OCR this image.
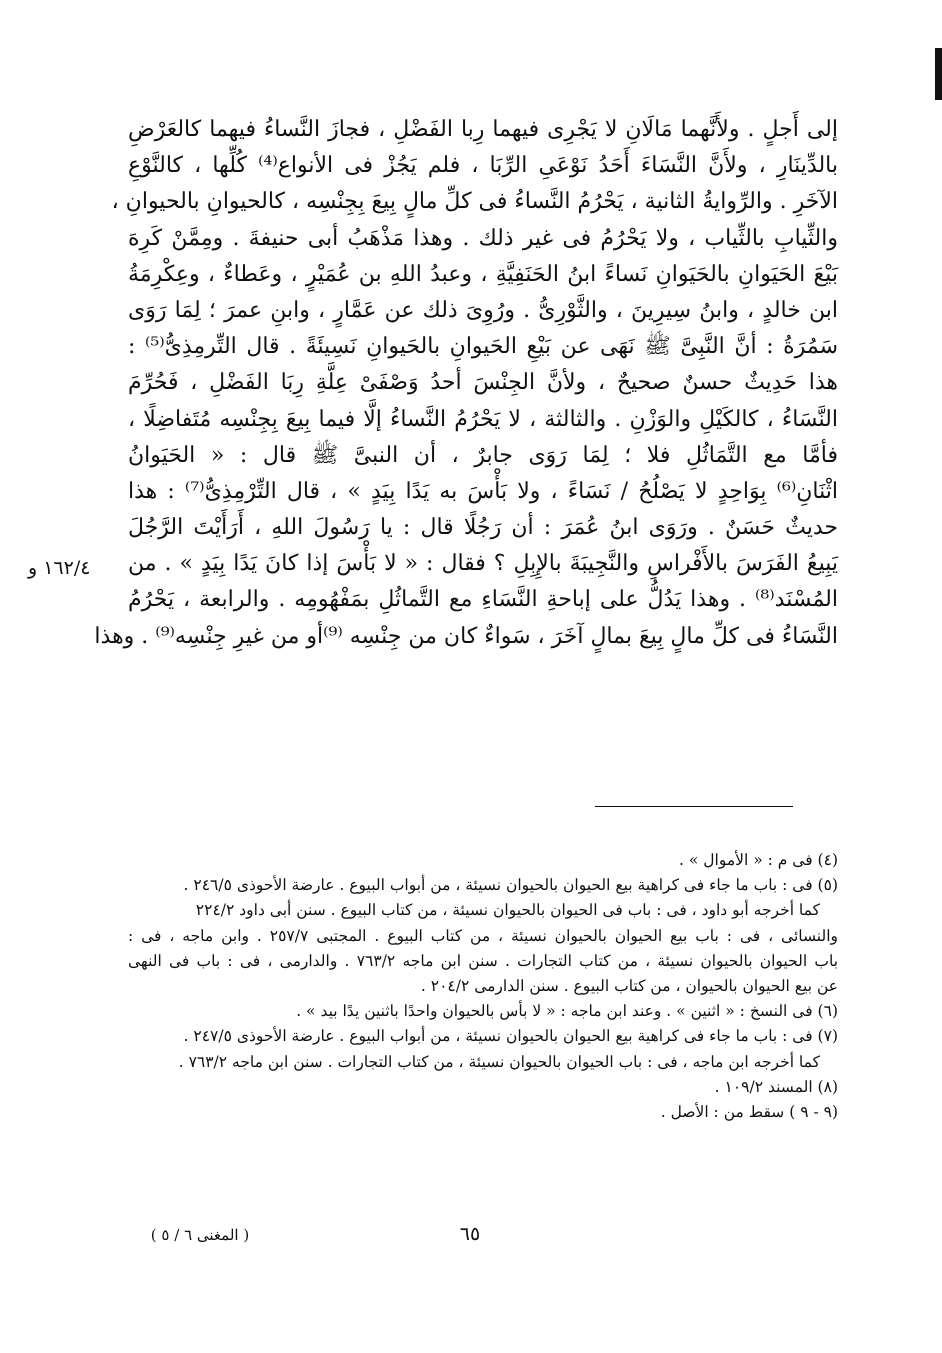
إلى أَجلٍ . ولأَنَّهما مَالَانِ لا يَجْرِى فيهما رِبا الفَضْلِ ، فجازَ النَّساءُ فيهما كالعَرْضِ
بالدِّينَارِ ، ولأَنَّ النَّسَاءَ أَحَدُ نَوْعَىِ الرِّبَا ، فلم يَجُزْ فى الأنواع⁽⁴⁾ كُلِّها ، كالنَّوْعِ
الآخَرِ . والرِّوايةُ الثانية ، يَحْرُمُ النَّساءُ فى كلِّ مالٍ بِيعَ بِجِنْسِه ، كالحيوانِ بالحيوانِ ،
والثِّيابِ بالثِّياب ، ولا يَحْرُمُ فى غير ذلك . وهذا مَذْهَبُ أبى حنيفةَ . ومِمَّنْ كَرِهَ
بَيْعَ الحَيَوانِ بالحَيَوانِ نَساءً ابنُ الحَنَفِيَّةِ ، وعبدُ اللهِ بن عُمَيْرٍ ، وعَطاءٌ ، وعِكْرِمَةُ
ابن خالدٍ ، وابنُ سِيرِينَ ، والثَّوْرِىُّ . ورُوِىَ ذلك عن عَمَّارٍ ، وابنِ عمرَ ؛ لِمَا رَوَى
سَمُرَةُ : أنَّ النَّبِىَّ ﷺ نَهَى عن بَيْعِ الحَيوانِ بالحَيوانِ نَسِيئَةً . قال التِّرمِذِىُّ⁽⁵⁾ :
هذا حَدِيثٌ حسنٌ صحيحٌ ، ولأنَّ الجِنْسَ أحدُ وَصْفَىْ عِلَّةِ رِبَا الفَضْلِ ، فَحُرِّمَ
النَّسَاءُ ، كالكَيْلِ والوَزْنِ . والثالثة ، لا يَحْرُمُ النَّساءُ إلَّا فيما بِيعَ بِجِنْسِه مُتَفاضِلًا ،
فأمَّا مع التَّمَاثُلِ فلا ؛ لِمَا رَوَى جابرٌ ، أن النبىَّ ﷺ قال : « الحَيَوانُ
اثْنَانِ⁽⁶⁾ بِوَاحِدٍ لا يَصْلُحُ / نَسَاءً ، ولا بَأْسَ به يَدًا بِيَدٍ » ، قال التِّرْمِذِىُّ⁽⁷⁾ : هذا
حديثٌ حَسَنٌ . ورَوَى ابنُ عُمَرَ : أن رَجُلًا قال : يا رَسُولَ اللهِ ، أَرَأَيْتَ الرَّجُلَ
يَبِيعُ الفَرَسَ بالأَفْراسِ والنَّجِيبَةَ بالإِبِلِ ؟ فقال : « لا بَأْسَ إذا كانَ يَدًا بِيَدٍ » . من
المُسْنَد⁽⁸⁾ . وهذا يَدُلُّ على إباحةِ النَّسَاءِ مع التَّماثُلِ بمَفْهُومِه . والرابعة ، يَحْرُمُ
النَّسَاءُ فى كلِّ مالٍ بِيعَ بمالٍ آخَرَ ، سَواءٌ كان من جِنْسِه ⁽⁹⁾أو من غيرِ جِنْسِه⁽⁹⁾ . وهذا
١٦٢/٤ و
(٤) فى م : « الأموال » .
(٥) فى : باب ما جاء فى كراهية بيع الحيوان بالحيوان نسيئة ، من أبواب البيوع . عارضة الأحوذى ٢٤٦/٥ .
كما أخرجه أبو داود ، فى : باب فى الحيوان بالحيوان نسيئة ، من كتاب البيوع . سنن أبى داود ٢٢٤/٢
والنسائى ، فى : باب بيع الحيوان بالحيوان نسيئة ، من كتاب البيوع . المجتبى ٢٥٧/٧ . وابن ماجه ، فى :
باب الحيوان بالحيوان نسيئة ، من كتاب التجارات . سنن ابن ماجه ٧٦٣/٢ . والدارمى ، فى : باب فى النهى
عن بيع الحيوان بالحيوان ، من كتاب البيوع . سنن الدارمى ٢٠٤/٢ .
(٦) فى النسخ : « اثنين » . وعند ابن ماجه : « لا بأس بالحيوان واحدًا باثنين يدًا بيد » .
(٧) فى : باب ما جاء فى كراهية بيع الحيوان بالحيوان نسيئة ، من أبواب البيوع . عارضة الأحوذى ٢٤٧/٥ .
كما أخرجه ابن ماجه ، فى : باب الحيوان بالحيوان نسيئة ، من كتاب التجارات . سنن ابن ماجه ٧٦٣/٢ .
(٨) المسند ١٠٩/٢ .
(٩ - ٩ ) سقط من : الأصل .
٦٥
( المغنى ٦ / ٥ )
